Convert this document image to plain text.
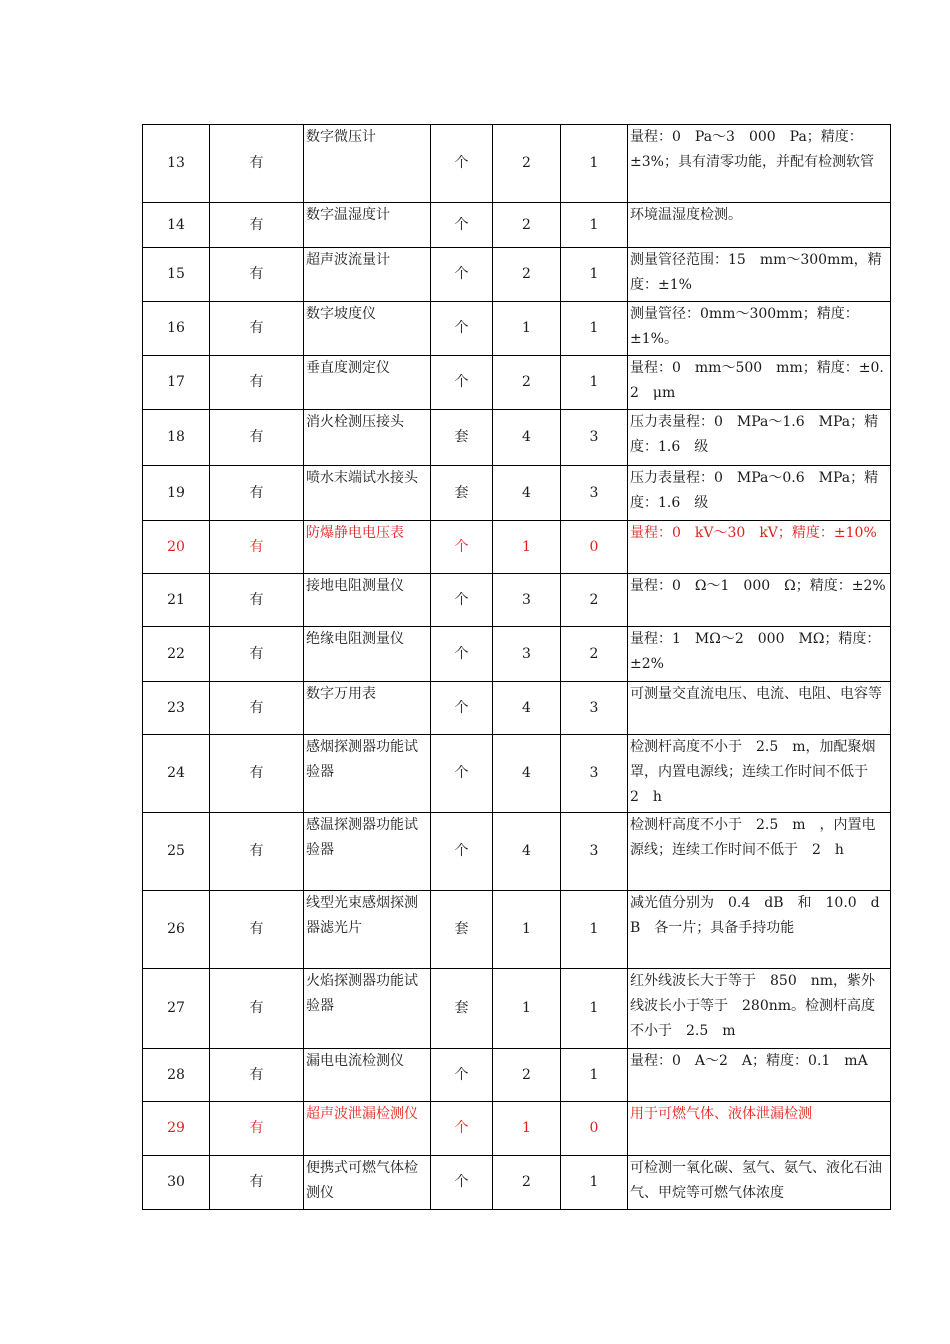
13	有	数字微压计	个	2	1	量程：0　Pa～3　000　Pa；精度：±3%；具有清零功能，并配有检测软管
14	有	数字温湿度计	个	2	1	环境温湿度检测。
15	有	超声波流量计	个	2	1	测量管径范围：15　mm～300mm，精度：±1%
16	有	数字坡度仪	个	1	1	测量管径：0mm～300mm；精度：±1%。
17	有	垂直度测定仪	个	2	1	量程：0　mm～500　mm；精度：±0.2　μm
18	有	消火栓测压接头	套	4	3	压力表量程：0　MPa～1.6　MPa；精度：1.6　级
19	有	喷水末端试水接头	套	4	3	压力表量程：0　MPa～0.6　MPa；精度：1.6　级
20	有	防爆静电电压表	个	1	0	量程：0　kV～30　kV；精度：±10%
21	有	接地电阻测量仪	个	3	2	量程：0　Ω～1　000　Ω；精度：±2%
22	有	绝缘电阻测量仪	个	3	2	量程：1　MΩ～2　000　MΩ；精度：±2%
23	有	数字万用表	个	4	3	可测量交直流电压、电流、电阻、电容等
24	有	感烟探测器功能试验器	个	4	3	检测杆高度不小于　2.5　m，加配聚烟罩，内置电源线；连续工作时间不低于　2　h
25	有	感温探测器功能试验器	个	4	3	检测杆高度不小于　2.5　m　，内置电源线；连续工作时间不低于　2　h
26	有	线型光束感烟探测器滤光片	套	1	1	减光值分别为　0.4　dB　和　10.0　dB　各一片；具备手持功能
27	有	火焰探测器功能试验器	套	1	1	红外线波长大于等于　850　nm，紫外线波长小于等于　280nm。检测杆高度不小于　2.5　m
28	有	漏电电流检测仪	个	2	1	量程：0　A～2　A；精度：0.1　mA
29	有	超声波泄漏检测仪	个	1	0	用于可燃气体、液体泄漏检测
30	有	便携式可燃气体检测仪	个	2	1	可检测一氧化碳、氢气、氨气、液化石油气、甲烷等可燃气体浓度
